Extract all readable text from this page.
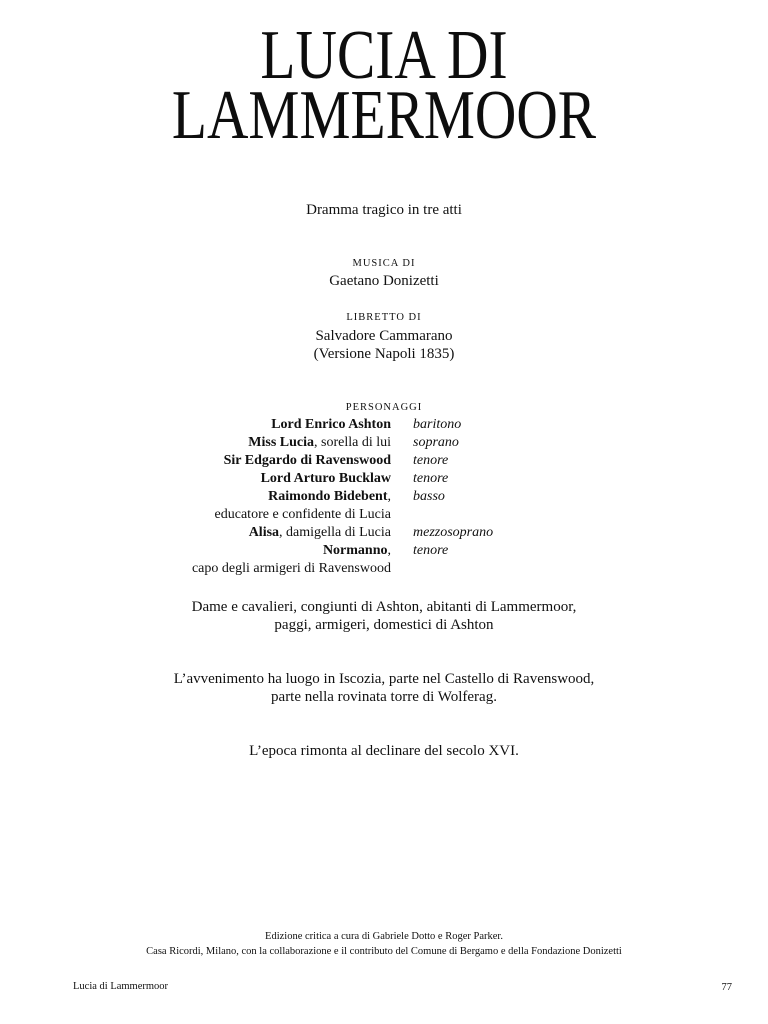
LUCIA DI
LAMMERMOOR
Dramma tragico in tre atti
MUSICA DI
Gaetano Donizetti
LIBRETTO DI
Salvadore Cammarano
(Versione Napoli 1835)
PERSONAGGI
Lord Enrico Ashton baritono
Miss Lucia, sorella di lui soprano
Sir Edgardo di Ravenswood tenore
Lord Arturo Bucklaw tenore
Raimondo Bidebent, basso
educatore e confidente di Lucia
Alisa, damigella di Lucia mezzosoprano
Normanno, tenore
capo degli armigeri di Ravenswood
Dame e cavalieri, congiunti di Ashton, abitanti di Lammermoor,
paggi, armigeri, domestici di Ashton
L’avvenimento ha luogo in Iscozia, parte nel Castello di Ravenswood,
parte nella rovinata torre di Wolferag.
L’epoca rimonta al declinare del secolo XVI.
Edizione critica a cura di Gabriele Dotto e Roger Parker.
Casa Ricordi, Milano, con la collaborazione e il contributo del Comune di Bergamo e della Fondazione Donizetti
Lucia di Lammermoor	77
